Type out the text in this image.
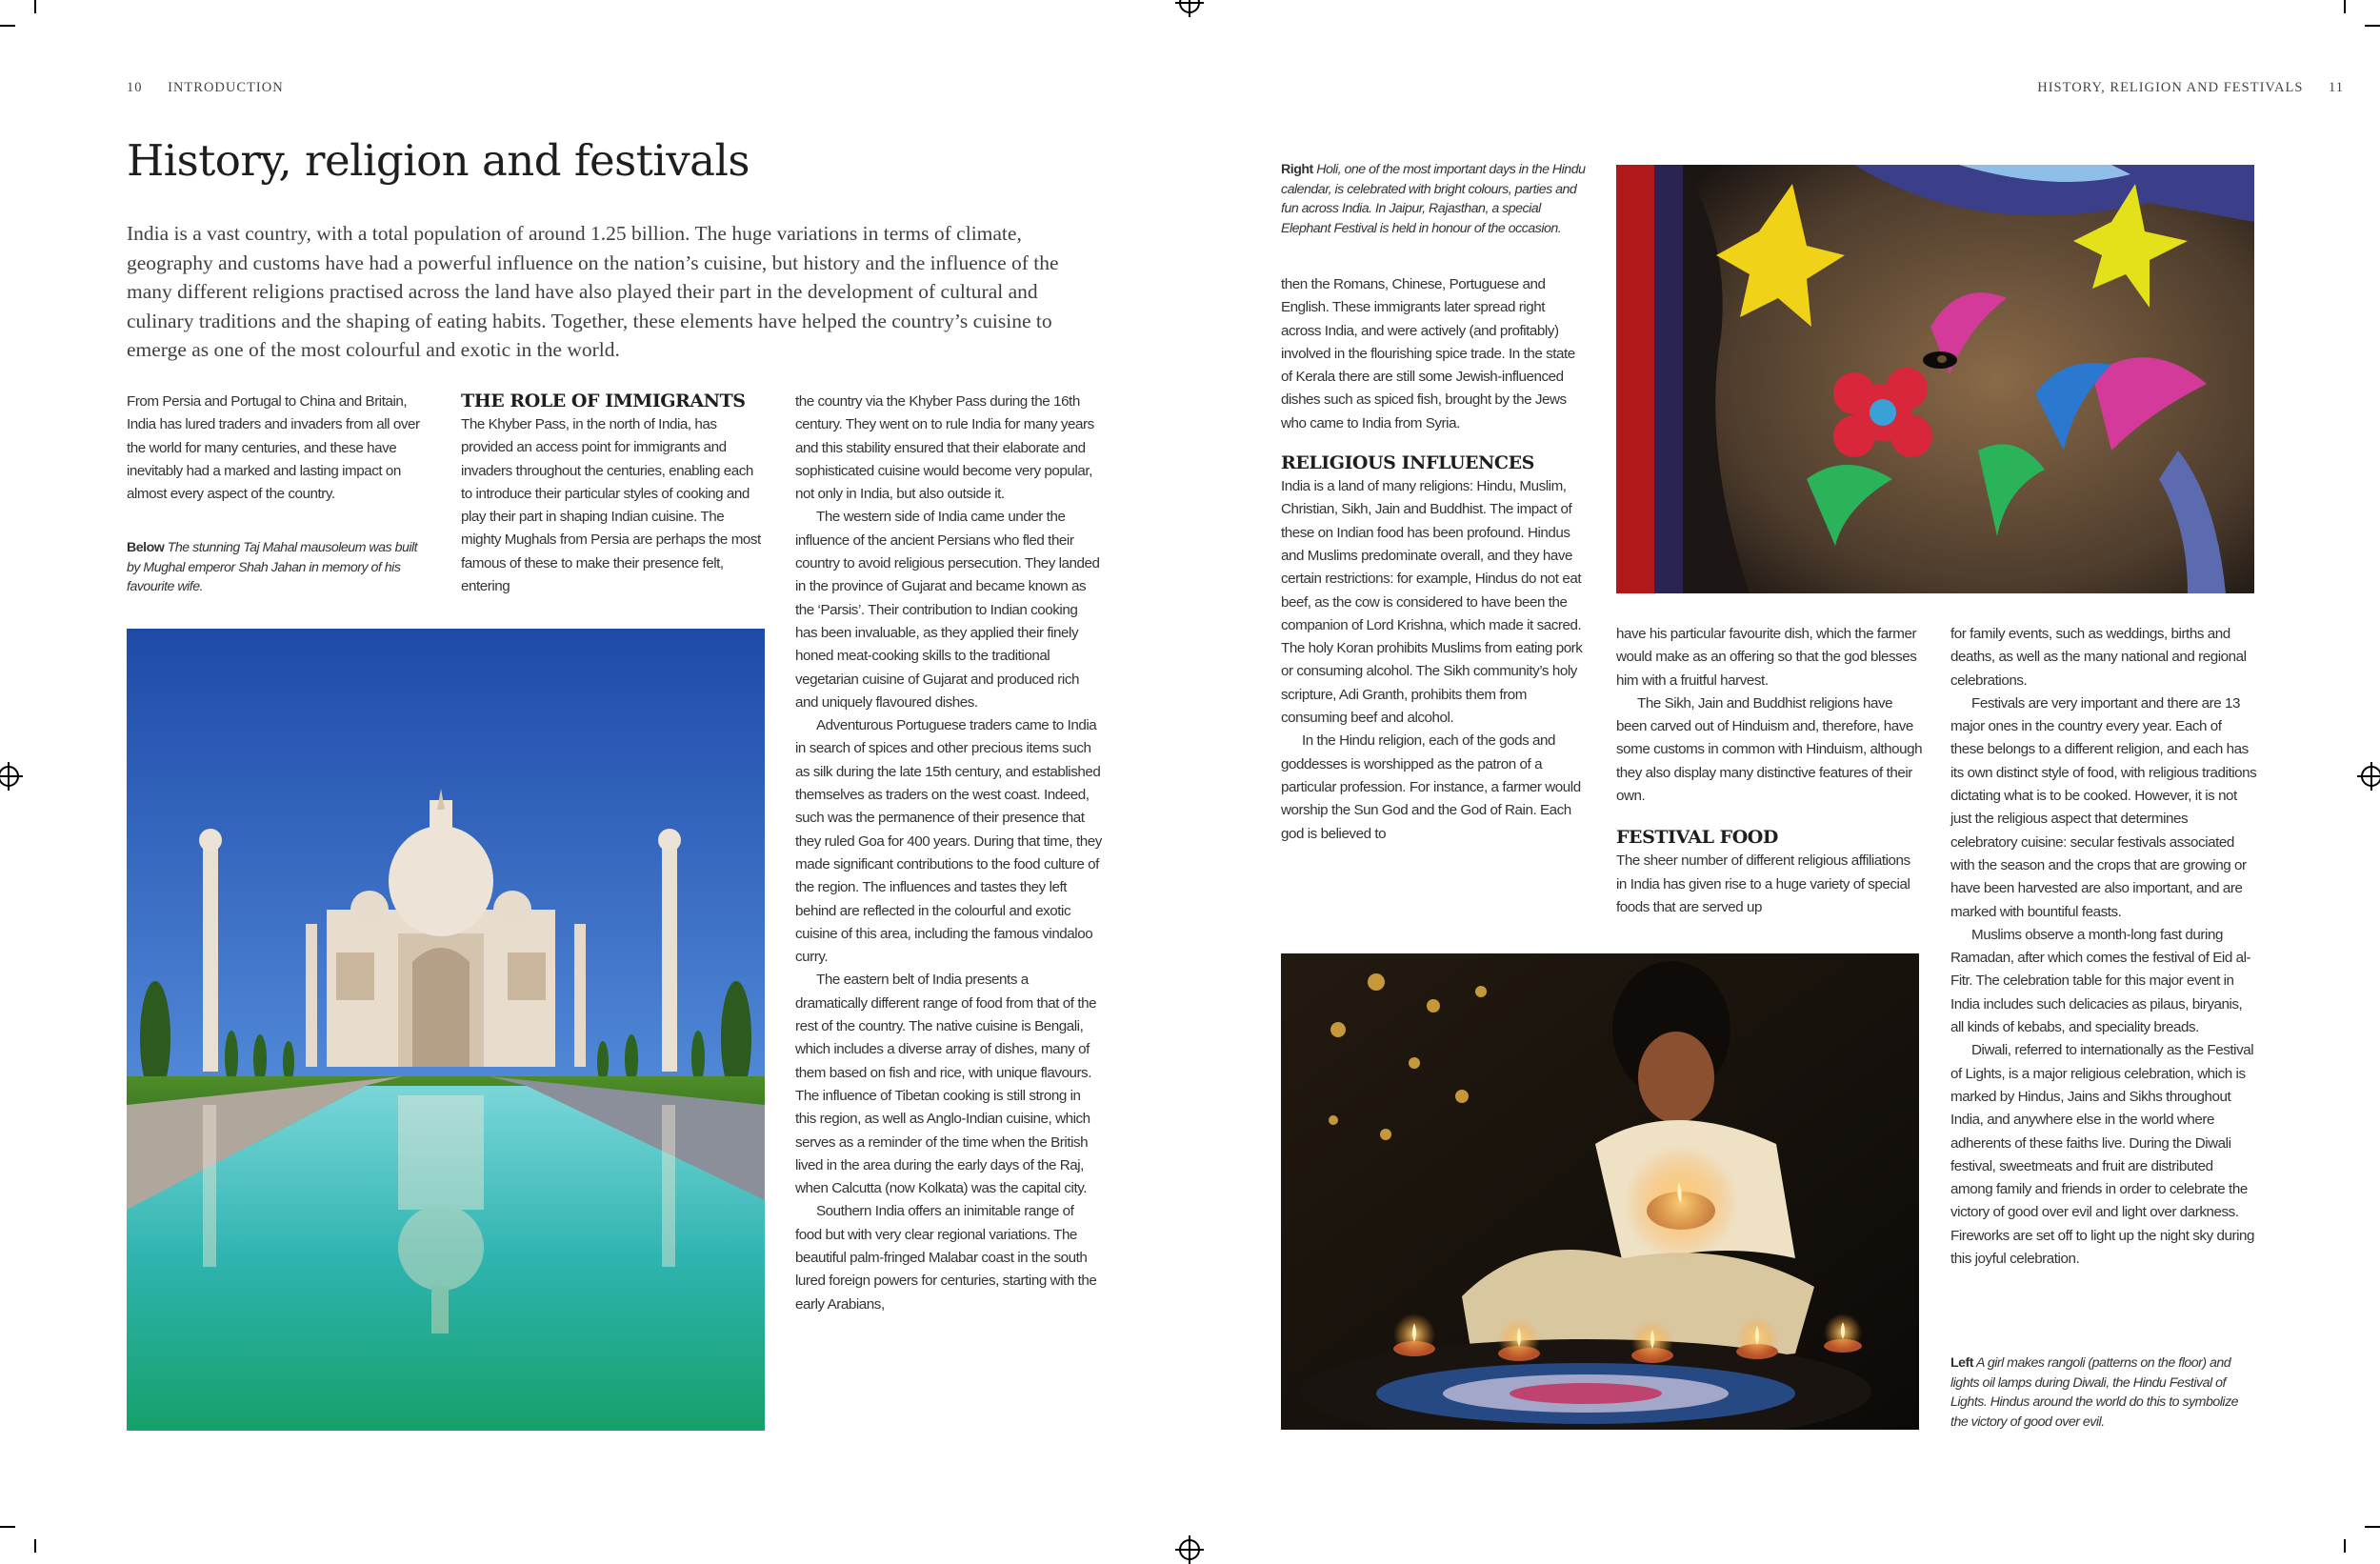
10 INTRODUCTION
History, religion and festivals
India is a vast country, with a total population of around 1.25 billion. The huge variations in terms of climate, geography and customs have had a powerful influence on the nation’s cuisine, but history and the influence of the many different religions practised across the land have also played their part in the development of cultural and culinary traditions and the shaping of eating habits. Together, these elements have helped the country’s cuisine to emerge as one of the most colourful and exotic in the world.

From Persia and Portugal to China and Britain, India has lured traders and invaders from all over the world for many centuries, and these have inevitably had a marked and lasting impact on almost every aspect of the country.

Below The stunning Taj Mahal mausoleum was built by Mughal emperor Shah Jahan in memory of his favourite wife.
THE ROLE OF IMMIGRANTS

The Khyber Pass, in the north of India, has provided an access point for immigrants and invaders throughout the centuries, enabling each to introduce their particular styles of cooking and play their part in shaping Indian cuisine. The mighty Mughals from Persia are perhaps the most famous of these to make their presence felt, entering

the country via the Khyber Pass during the 16th century. They went on to rule India for many years and this stability ensured that their elaborate and sophisticated cuisine would become very popular, not only in India, but also outside it.

The western side of India came under the influence of the ancient Persians who fled their country to avoid religious persecution. They landed in the province of Gujarat and became known as the ‘Parsis’. Their contribution to Indian cooking has been invaluable, as they applied their finely honed meat-cooking skills to the traditional vegetarian cuisine of Gujarat and produced rich and uniquely flavoured dishes.

Adventurous Portuguese traders came to India in search of spices and other precious items such as silk during the late 15th century, and established themselves as traders on the west coast. Indeed, such was the permanence of their presence that they ruled Goa for 400 years. During that time, they made significant contributions to the food culture of the region. The influences and tastes they left behind are reflected in the colourful and exotic cuisine of this area, including the famous vindaloo curry.

The eastern belt of India presents a dramatically different range of food from that of the rest of the country. The native cuisine is Bengali, which includes a diverse array of dishes, many of them based on fish and rice, with unique flavours. The influence of Tibetan cooking is still strong in this region, as well as Anglo-Indian cuisine, which serves as a reminder of the time when the British lived in the area during the early days of the Raj, when Calcutta (now Kolkata) was the capital city.

Southern India offers an inimitable range of food but with very clear regional variations. The beautiful palm-fringed Malabar coast in the south lured foreign powers for centuries, starting with the early Arabians,

HISTORY, RELIGION AND FESTIVALS 11
Right Holi, one of the most important days in the Hindu calendar, is celebrated with bright colours, parties and fun across India. In Jaipur, Rajasthan, a special Elephant Festival is held in honour of the occasion.

then the Romans, Chinese, Portuguese and English. These immigrants later spread right across India, and were actively (and profitably) involved in the flourishing spice trade. In the state of Kerala there are still some Jewish-influenced dishes such as spiced fish, brought by the Jews who came to India from Syria.

RELIGIOUS INFLUENCES

India is a land of many religions: Hindu, Muslim, Christian, Sikh, Jain and Buddhist. The impact of these on Indian food has been profound. Hindus and Muslims predominate overall, and they have certain restrictions: for example, Hindus do not eat beef, as the cow is considered to have been the companion of Lord Krishna, which made it sacred. The holy Koran prohibits Muslims from eating pork or consuming alcohol. The Sikh community’s holy scripture, Adi Granth, prohibits them from consuming beef and alcohol.

In the Hindu religion, each of the gods and goddesses is worshipped as the patron of a particular profession. For instance, a farmer would worship the Sun God and the God of Rain. Each god is believed to

have his particular favourite dish, which the farmer would make as an offering so that the god blesses him with a fruitful harvest.

The Sikh, Jain and Buddhist religions have been carved out of Hinduism and, therefore, have some customs in common with Hinduism, although they also display many distinctive features of their own.

FESTIVAL FOOD

The sheer number of different religious affiliations in India has given rise to a huge variety of special foods that are served up

for family events, such as weddings, births and deaths, as well as the many national and regional celebrations.

Festivals are very important and there are 13 major ones in the country every year. Each of these belongs to a different religion, and each has its own distinct style of food, with religious traditions dictating what is to be cooked. However, it is not just the religious aspect that determines celebratory cuisine: secular festivals associated with the season and the crops that are growing or have been harvested are also important, and are marked with bountiful feasts.

Muslims observe a month-long fast during Ramadan, after which comes the festival of Eid al-Fitr. The celebration table for this major event in India includes such delicacies as pilaus, biryanis, all kinds of kebabs, and speciality breads.

Diwali, referred to internationally as the Festival of Lights, is a major religious celebration, which is marked by Hindus, Jains and Sikhs throughout India, and anywhere else in the world where adherents of these faiths live. During the Diwali festival, sweetmeats and fruit are distributed among family and friends in order to celebrate the victory of good over evil and light over darkness. Fireworks are set off to light up the night sky during this joyful celebration.

Left A girl makes rangoli (patterns on the floor) and lights oil lamps during Diwali, the Hindu Festival of Lights. Hindus around the world do this to symbolize the victory of good over evil.
